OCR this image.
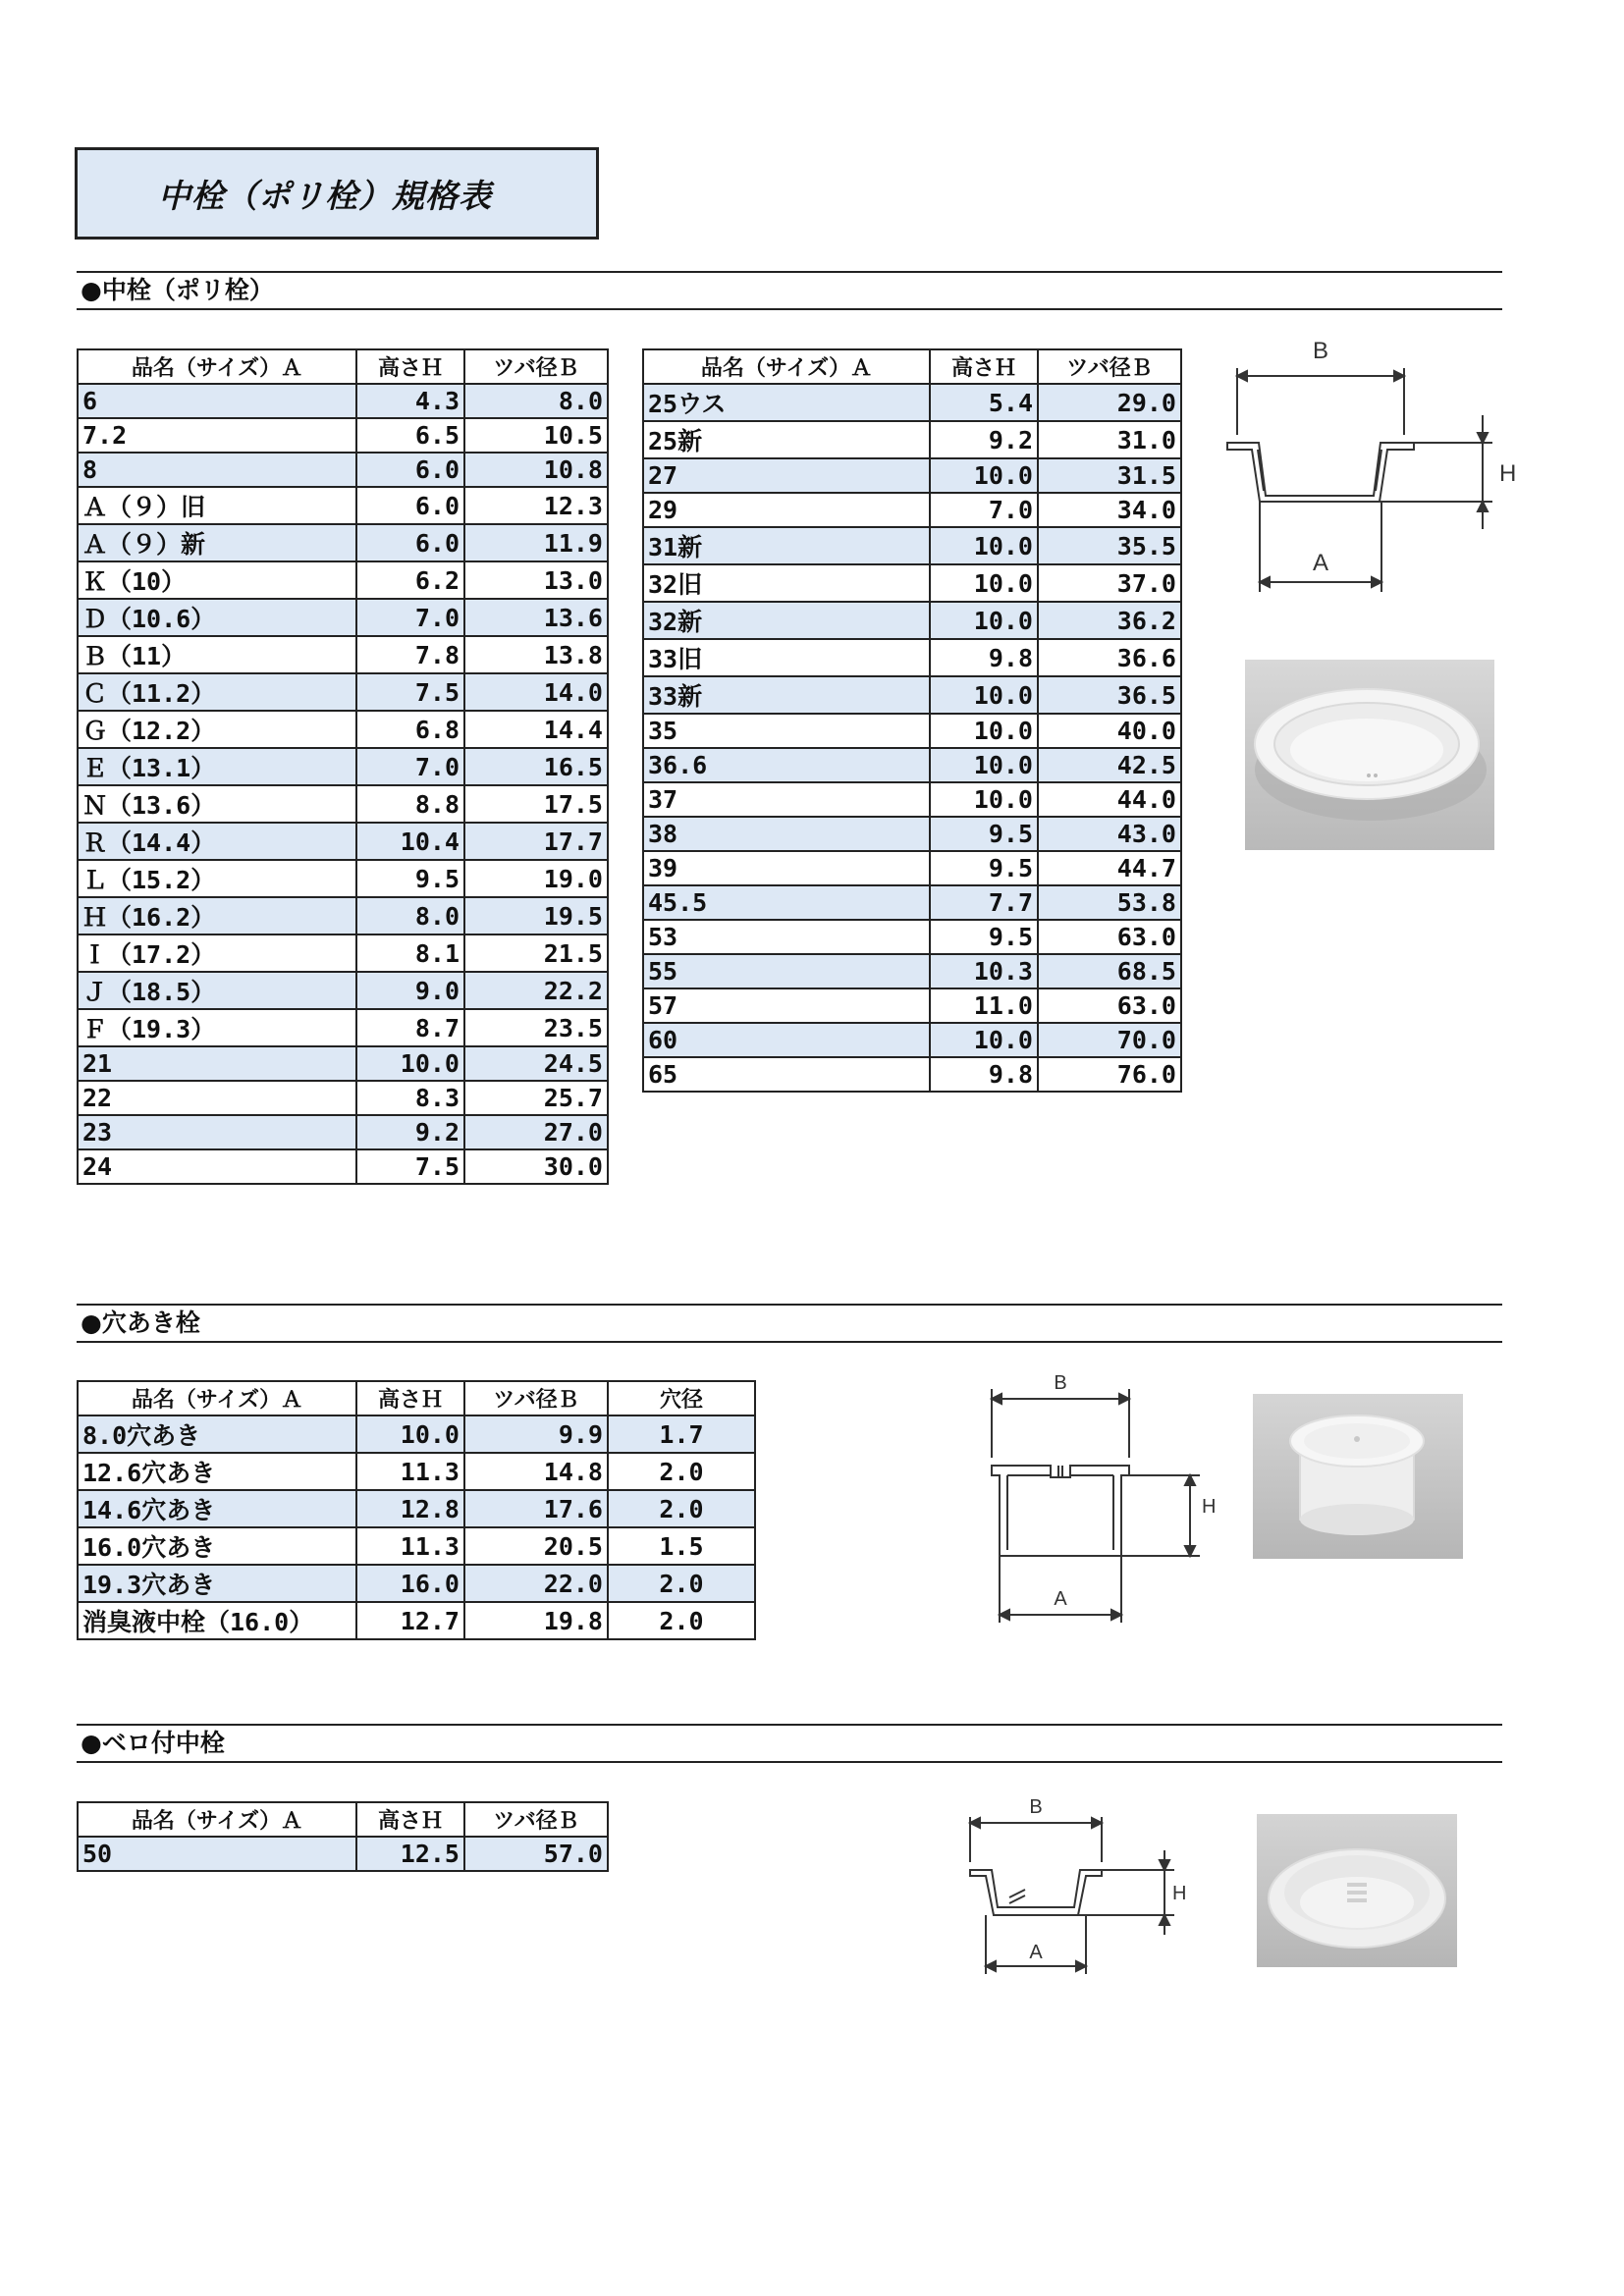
中栓（ポリ栓）規格表
●中栓（ポリ栓）
品名（サイズ）Ａ	高さＨ	ツバ径Ｂ
6	4.3	8.0
7.2	6.5	10.5
8	6.0	10.8
Ａ（９）旧	6.0	12.3
Ａ（９）新	6.0	11.9
Ｋ（10）	6.2	13.0
Ｄ（10.6）	7.0	13.6
Ｂ（11）	7.8	13.8
Ｃ（11.2）	7.5	14.0
Ｇ（12.2）	6.8	14.4
Ｅ（13.1）	7.0	16.5
Ｎ（13.6）	8.8	17.5
Ｒ（14.4）	10.4	17.7
Ｌ（15.2）	9.5	19.0
Ｈ（16.2）	8.0	19.5
Ｉ（17.2）	8.1	21.5
Ｊ（18.5）	9.0	22.2
Ｆ（19.3）	8.7	23.5
21	10.0	24.5
22	8.3	25.7
23	9.2	27.0
24	7.5	30.0
品名（サイズ）Ａ	高さＨ	ツバ径Ｂ
25ウス	5.4	29.0
25新	9.2	31.0
27	10.0	31.5
29	7.0	34.0
31新	10.0	35.5
32旧	10.0	37.0
32新	10.0	36.2
33旧	9.8	36.6
33新	10.0	36.5
35	10.0	40.0
36.6	10.0	42.5
37	10.0	44.0
38	9.5	43.0
39	9.5	44.7
45.5	7.7	53.8
53	9.5	63.0
55	10.3	68.5
57	11.0	63.0
60	10.0	70.0
65	9.8	76.0
B
H
A
●穴あき栓
品名（サイズ）Ａ	高さＨ	ツバ径Ｂ	穴径
8.0穴あき	10.0	9.9	1.7
12.6穴あき	11.3	14.8	2.0
14.6穴あき	12.8	17.6	2.0
16.0穴あき	11.3	20.5	1.5
19.3穴あき	16.0	22.0	2.0
消臭液中栓（16.0）	12.7	19.8	2.0
B
H
A
●ベロ付中栓
品名（サイズ）Ａ	高さＨ	ツバ径Ｂ
50	12.5	57.0
B
H
A
